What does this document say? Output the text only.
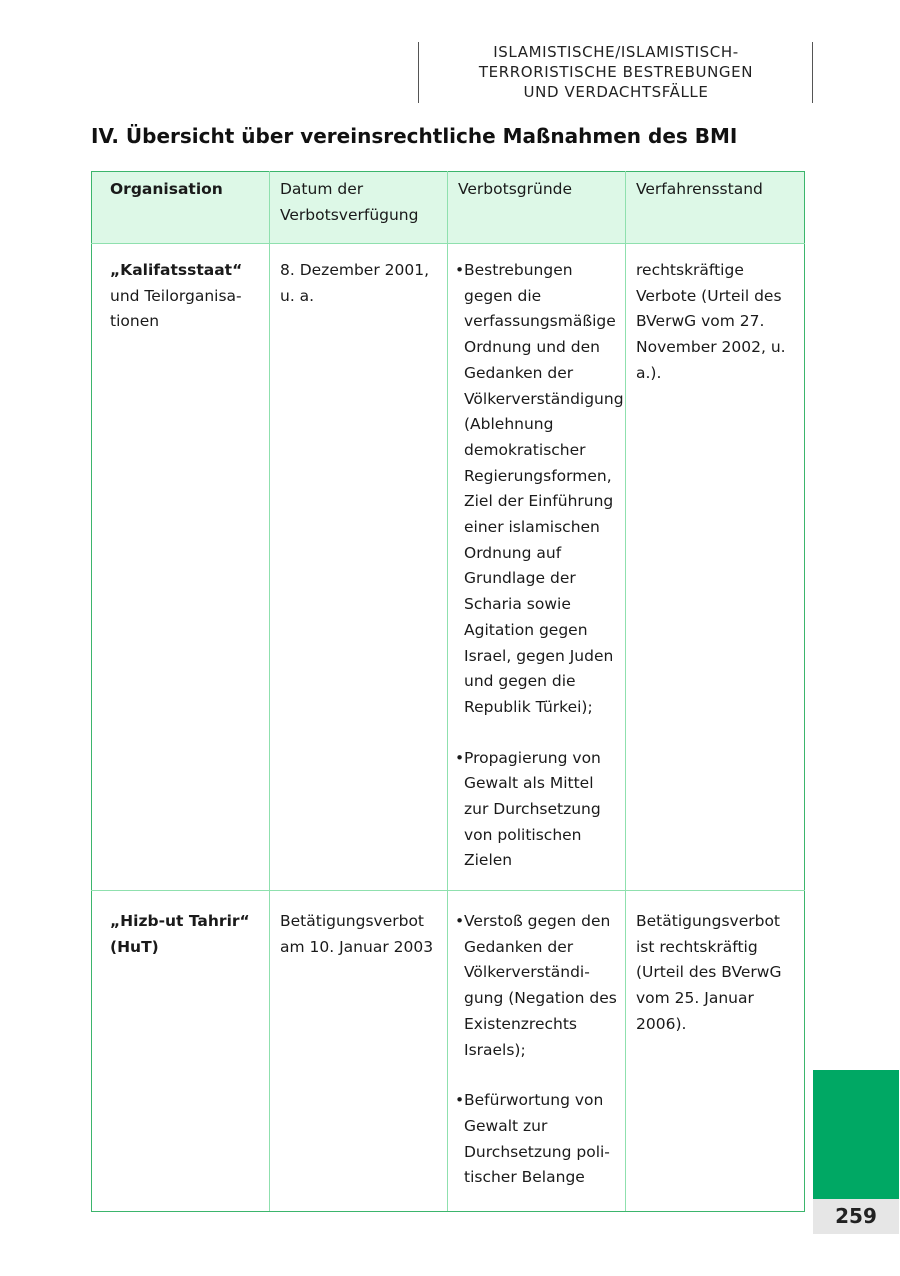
ISLAMISTISCHE/ISLAMISTISCH-
TERRORISTISCHE BESTREBUNGEN
UND VERDACHTSFÄLLE
IV. Übersicht über vereinsrechtliche Maßnahmen des BMI
Organisation	Datum der Verbotsverfügung	Verbotsgründe	Verfahrensstand

„Kalifatsstaat“
und Teilorganisa-tionen	8. Dezember 2001, u. a.	• Bestrebungen gegen die verfassungsmäßige Ordnung und den Gedanken der Völkerverständigung (Ablehnung demokratischer Regierungsformen, Ziel der Einführung einer islamischen Ordnung auf Grundlage der Scharia sowie Agitation gegen Israel, gegen Juden und gegen die Republik Türkei);
• Propagierung von Gewalt als Mittel zur Durchsetzung von politischen Zielen	rechtskräftige Verbote (Urteil des BVerwG vom 27. November 2002, u. a.).

„Hizb-ut Tahrir“ (HuT)	Betätigungsverbot am 10. Januar 2003	• Verstoß gegen den Gedanken der Völkerverständi-gung (Negation des Existenzrechts Israels);
• Befürwortung von Gewalt zur Durchsetzung poli-tischer Belange	Betätigungsverbot ist rechtskräftig (Urteil des BVerwG vom 25. Januar 2006).
259
